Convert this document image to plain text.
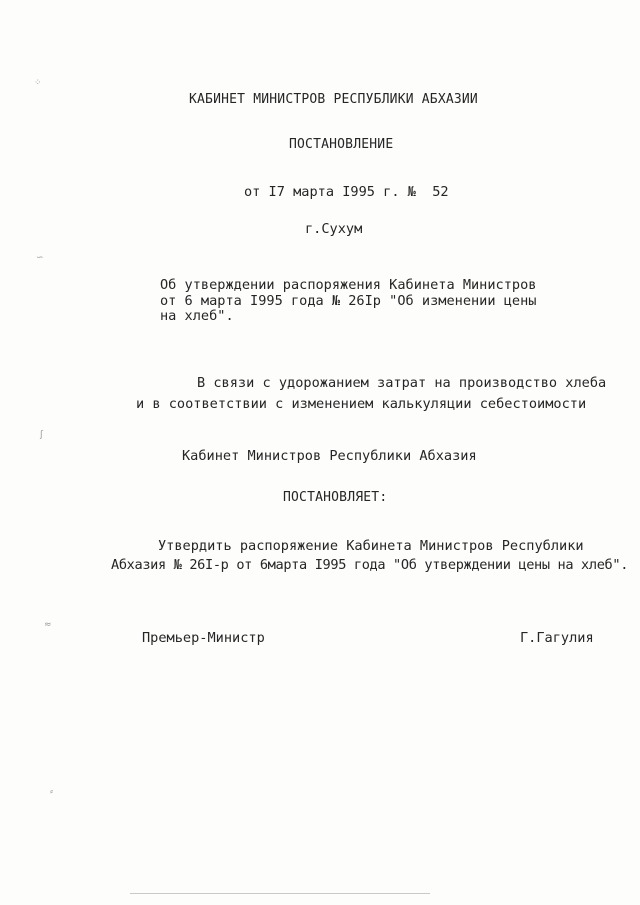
⁘
∽
ʃ
≈
⸗
КАБИНЕТ МИНИСТРОВ РЕСПУБЛИКИ АБХАЗИИ
ПОСТАНОВЛЕНИЕ
от I7 марта I995 г. №  52
г.Сухум
Об утверждении распоряжения Кабинета Министров
от 6 марта I995 года № 26Iр "Об изменении цены
на хлеб".
В связи с удорожанием затрат на производство хлеба
и в соответствии с изменением калькуляции себестоимости
Кабинет Министров Республики Абхазия
ПОСТАНОВЛЯЕТ:
Утвердить распоряжение Кабинета Министров Республики
Абхазия № 26I-р от 6марта I995 года "Об утверждении цены на хлеб".
Премьер-Министр	Г.Гагулия
